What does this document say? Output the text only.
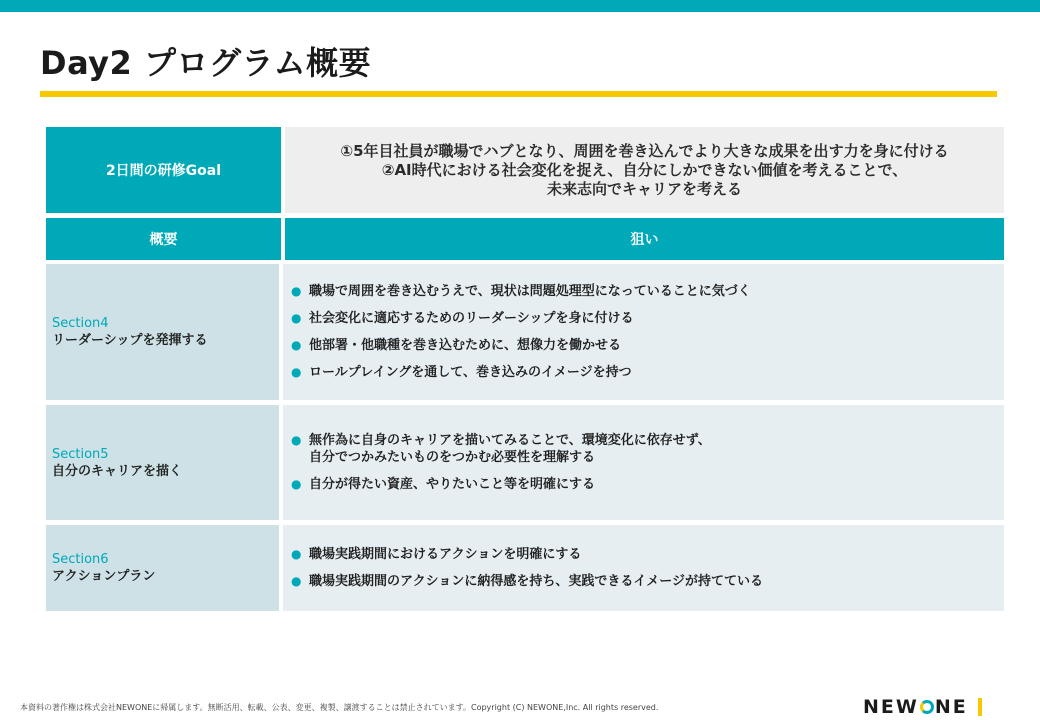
Day2 プログラム概要
2日間の研修Goal
①5年目社員が職場でハブとなり、周囲を巻き込んでより大きな成果を出す力を身に付ける
②AI時代における社会変化を捉え、自分にしかできない価値を考えることで、
未来志向でキャリアを考える
概要	狙い
Section4
リーダーシップを発揮する
● 職場で周囲を巻き込むうえで、現状は問題処理型になっていることに気づく
● 社会変化に適応するためのリーダーシップを身に付ける
● 他部署・他職種を巻き込むために、想像力を働かせる
● ロールプレイングを通して、巻き込みのイメージを持つ
Section5
自分のキャリアを描く
● 無作為に自身のキャリアを描いてみることで、環境変化に依存せず、
自分でつかみたいものをつかむ必要性を理解する
● 自分が得たい資産、やりたいこと等を明確にする
Section6
アクションプラン
● 職場実践期間におけるアクションを明確にする
● 職場実践期間のアクションに納得感を持ち、実践できるイメージが持てている
本資料の著作権は株式会社NEWONEに帰属します。無断活用、転載、公表、変更、複製、譲渡することは禁止されています。Copyright (C) NEWONE,Inc. All rights reserved.	NEW NE
